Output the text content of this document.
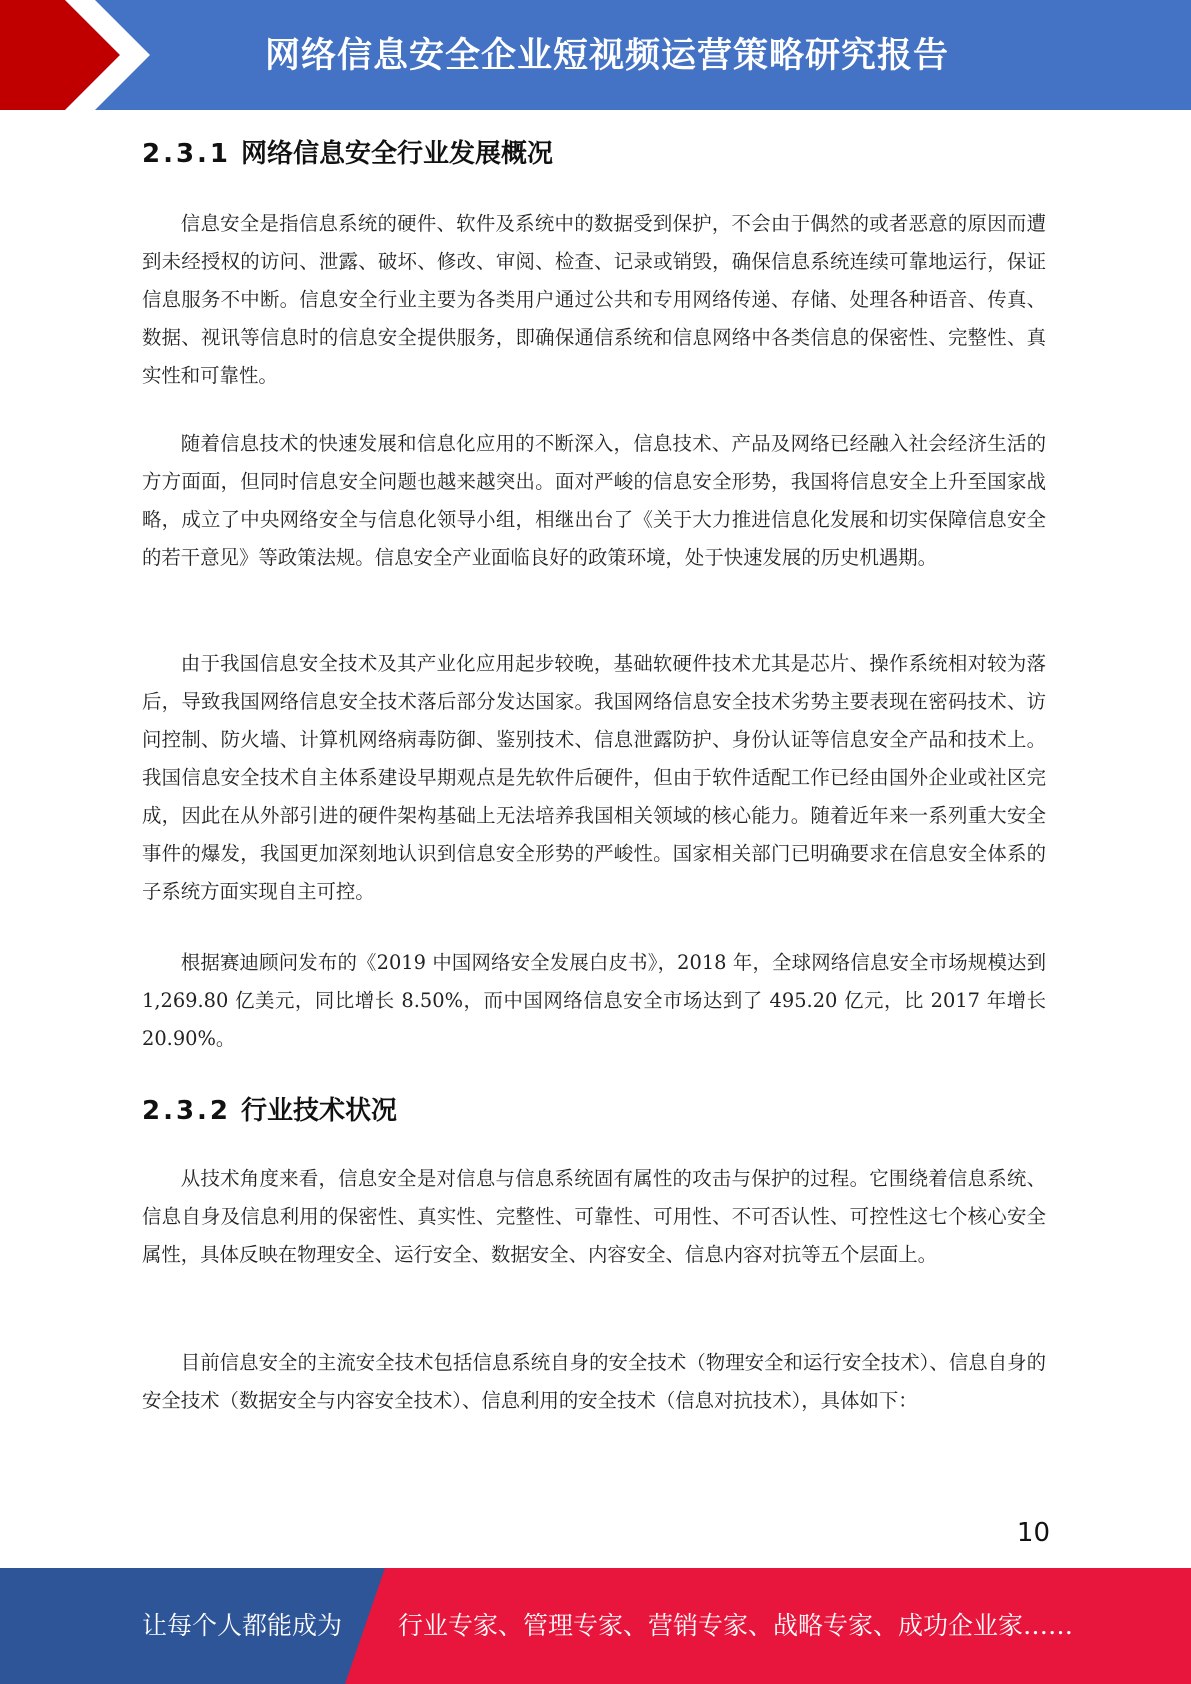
网络信息安全企业短视频运营策略研究报告
2.3.1 网络信息安全行业发展概况

信息安全是指信息系统的硬件、软件及系统中的数据受到保护，不会由于偶然的或者恶意的原因而遭到未经授权的访问、泄露、破坏、修改、审阅、检查、记录或销毁，确保信息系统连续可靠地运行，保证信息服务不中断。信息安全行业主要为各类用户通过公共和专用网络传递、存储、处理各种语音、传真、数据、视讯等信息时的信息安全提供服务，即确保通信系统和信息网络中各类信息的保密性、完整性、真实性和可靠性。

随着信息技术的快速发展和信息化应用的不断深入，信息技术、产品及网络已经融入社会经济生活的方方面面，但同时信息安全问题也越来越突出。面对严峻的信息安全形势，我国将信息安全上升至国家战略，成立了中央网络安全与信息化领导小组，相继出台了《关于大力推进信息化发展和切实保障信息安全的若干意见》等政策法规。信息安全产业面临良好的政策环境，处于快速发展的历史机遇期。

由于我国信息安全技术及其产业化应用起步较晚，基础软硬件技术尤其是芯片、操作系统相对较为落后，导致我国网络信息安全技术落后部分发达国家。我国网络信息安全技术劣势主要表现在密码技术、访问控制、防火墙、计算机网络病毒防御、鉴别技术、信息泄露防护、身份认证等信息安全产品和技术上。我国信息安全技术自主体系建设早期观点是先软件后硬件，但由于软件适配工作已经由国外企业或社区完成，因此在从外部引进的硬件架构基础上无法培养我国相关领域的核心能力。随着近年来一系列重大安全事件的爆发，我国更加深刻地认识到信息安全形势的严峻性。国家相关部门已明确要求在信息安全体系的子系统方面实现自主可控。

根据赛迪顾问发布的《2019 中国网络安全发展白皮书》，2018 年，全球网络信息安全市场规模达到 1,269.80 亿美元，同比增长 8.50%，而中国网络信息安全市场达到了 495.20 亿元，比 2017 年增长 20.90%。

2.3.2 行业技术状况

从技术角度来看，信息安全是对信息与信息系统固有属性的攻击与保护的过程。它围绕着信息系统、信息自身及信息利用的保密性、真实性、完整性、可靠性、可用性、不可否认性、可控性这七个核心安全属性，具体反映在物理安全、运行安全、数据安全、内容安全、信息内容对抗等五个层面上。

目前信息安全的主流安全技术包括信息系统自身的安全技术（物理安全和运行安全技术）、信息自身的安全技术（数据安全与内容安全技术）、信息利用的安全技术（信息对抗技术），具体如下：

10
让每个人都能成为 行业专家、管理专家、营销专家、战略专家、成功企业家……
